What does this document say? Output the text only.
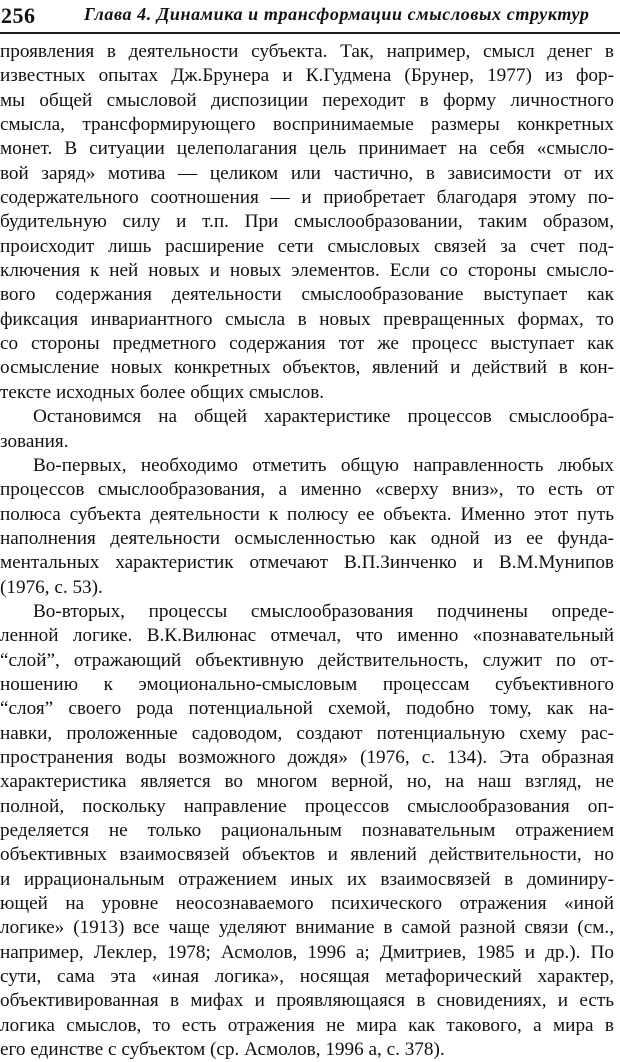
256	Глава 4. Динамика и трансформации смысловых структур
проявления в деятельности субъекта. Так, например, смысл денег в
известных опытах Дж.Брунера и К.Гудмена (Брунер, 1977) из фор-
мы общей смысловой диспозиции переходит в форму личностного
смысла, трансформирующего воспринимаемые размеры конкретных
монет. В ситуации целеполагания цель принимает на себя «смысло-
вой заряд» мотива — целиком или частично, в зависимости от их
содержательного соотношения — и приобретает благодаря этому по-
будительную силу и т.п. При смыслообразовании, таким образом,
происходит лишь расширение сети смысловых связей за счет под-
ключения к ней новых и новых элементов. Если со стороны смысло-
вого содержания деятельности смыслообразование выступает как
фиксация инвариантного смысла в новых превращенных формах, то
со стороны предметного содержания тот же процесс выступает как
осмысление новых конкретных объектов, явлений и действий в кон-
тексте исходных более общих смыслов.
Остановимся на общей характеристике процессов смыслообра-
зования.
Во-первых, необходимо отметить общую направленность любых
процессов смыслообразования, а именно «сверху вниз», то есть от
полюса субъекта деятельности к полюсу ее объекта. Именно этот путь
наполнения деятельности осмысленностью как одной из ее фунда-
ментальных характеристик отмечают В.П.Зинченко и В.М.Мунипов
(1976, с. 53).
Во-вторых, процессы смыслообразования подчинены опреде-
ленной логике. В.К.Вилюнас отмечал, что именно «познавательный
“слой”, отражающий объективную действительность, служит по от-
ношению к эмоционально-смысловым процессам субъективного
“слоя” своего рода потенциальной схемой, подобно тому, как на-
навки, проложенные садоводом, создают потенциальную схему рас-
пространения воды возможного дождя» (1976, с. 134). Эта образная
характеристика является во многом верной, но, на наш взгляд, не
полной, поскольку направление процессов смыслообразования оп-
ределяется не только рациональным познавательным отражением
объективных взаимосвязей объектов и явлений действительности, но
и иррациональным отражением иных их взаимосвязей в доминиру-
ющей на уровне неосознаваемого психического отражения «иной
логике» (1913) все чаще уделяют внимание в самой разной связи (см.,
например, Леклер, 1978; Асмолов, 1996 а; Дмитриев, 1985 и др.). По
сути, сама эта «иная логика», носящая метафорический характер,
объективированная в мифах и проявляющаяся в сновидениях, и есть
логика смыслов, то есть отражения не мира как такового, а мира в
его единстве с субъектом (ср. Асмолов, 1996 а, с. 378).
